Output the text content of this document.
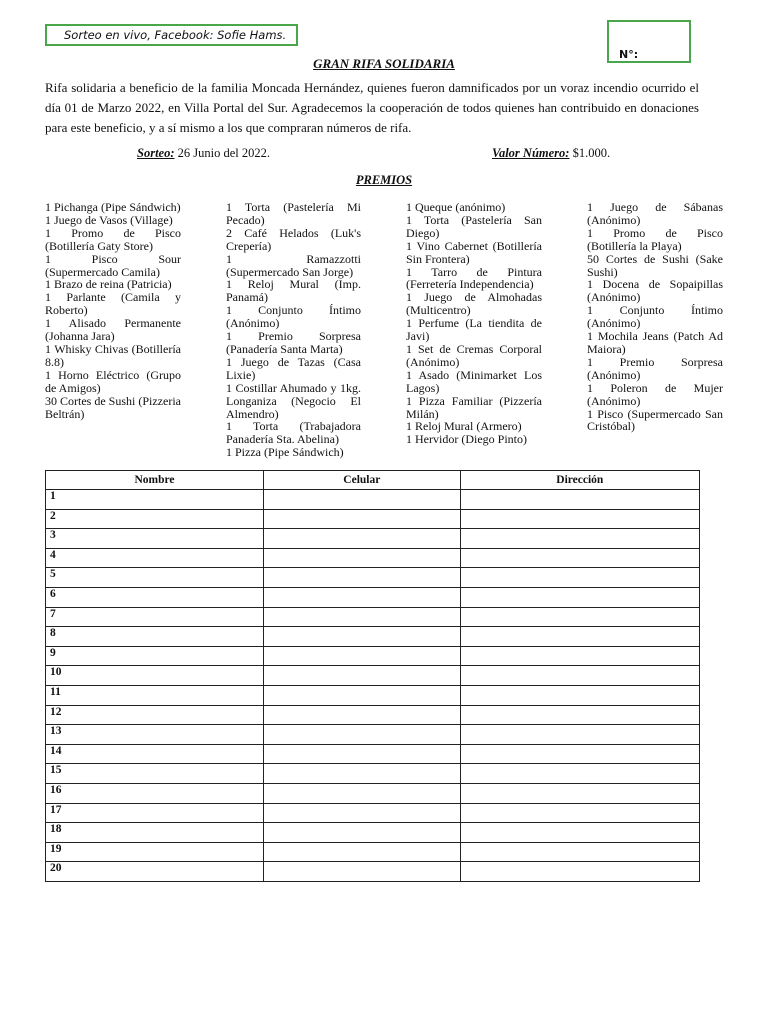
Sorteo en vivo, Facebook: Sofie Hams.
N°:
GRAN RIFA SOLIDARIA
Rifa solidaria a beneficio de la familia Moncada Hernández, quienes fueron damnificados por un voraz incendio ocurrido el día 01 de Marzo 2022, en Villa Portal del Sur. Agradecemos la cooperación de todos quienes han contribuido en donaciones para este beneficio, y a sí mismo a los que compraran números de rifa.
Sorteo: 26 Junio del 2022.	Valor Número: $1.000.
PREMIOS
1 Pichanga (Pipe Sándwich)
1 Juego de Vasos (Village)
1 Promo de Pisco (Botillería Gaty Store)
1 Pisco Sour (Supermercado Camila)
1 Brazo de reina (Patricia)
1 Parlante (Camila y Roberto)
1 Alisado Permanente (Johanna Jara)
1 Whisky Chivas (Botillería 8.8)
1 Horno Eléctrico (Grupo de Amigos)
30 Cortes de Sushi (Pizzeria Beltrán)
1 Torta (Pastelería Mi Pecado)
2 Café Helados (Luk's Crepería)
1 Ramazzotti (Supermercado San Jorge)
1 Reloj Mural (Imp. Panamá)
1 Conjunto Íntimo (Anónimo)
1 Premio Sorpresa (Panadería Santa Marta)
1 Juego de Tazas (Casa Lixie)
1 Costillar Ahumado y 1kg. Longaniza (Negocio El Almendro)
1 Torta (Trabajadora Panadería Sta. Abelina)
1 Pizza (Pipe Sándwich)
1 Queque (anónimo)
1 Torta (Pastelería San Diego)
1 Vino Cabernet (Botillería Sin Frontera)
1 Tarro de Pintura (Ferretería Independencia)
1 Juego de Almohadas (Multicentro)
1 Perfume (La tiendita de Javi)
1 Set de Cremas Corporal (Anónimo)
1 Asado (Minimarket Los Lagos)
1 Pizza Familiar (Pizzería Milán)
1 Reloj Mural (Armero)
1 Hervidor (Diego Pinto)
1 Juego de Sábanas (Anónimo)
1 Promo de Pisco (Botillería la Playa)
50 Cortes de Sushi (Sake Sushi)
1 Docena de Sopaipillas (Anónimo)
1 Conjunto Íntimo (Anónimo)
1 Mochila Jeans (Patch Ad Maiora)
1 Premio Sorpresa (Anónimo)
1 Poleron de Mujer (Anónimo)
1 Pisco (Supermercado San Cristóbal)
Nombre	Celular	Dirección
1		
2		
3		
4		
5		
6		
7		
8		
9		
10		
11		
12		
13		
14		
15		
16		
17		
18		
19		
20		
